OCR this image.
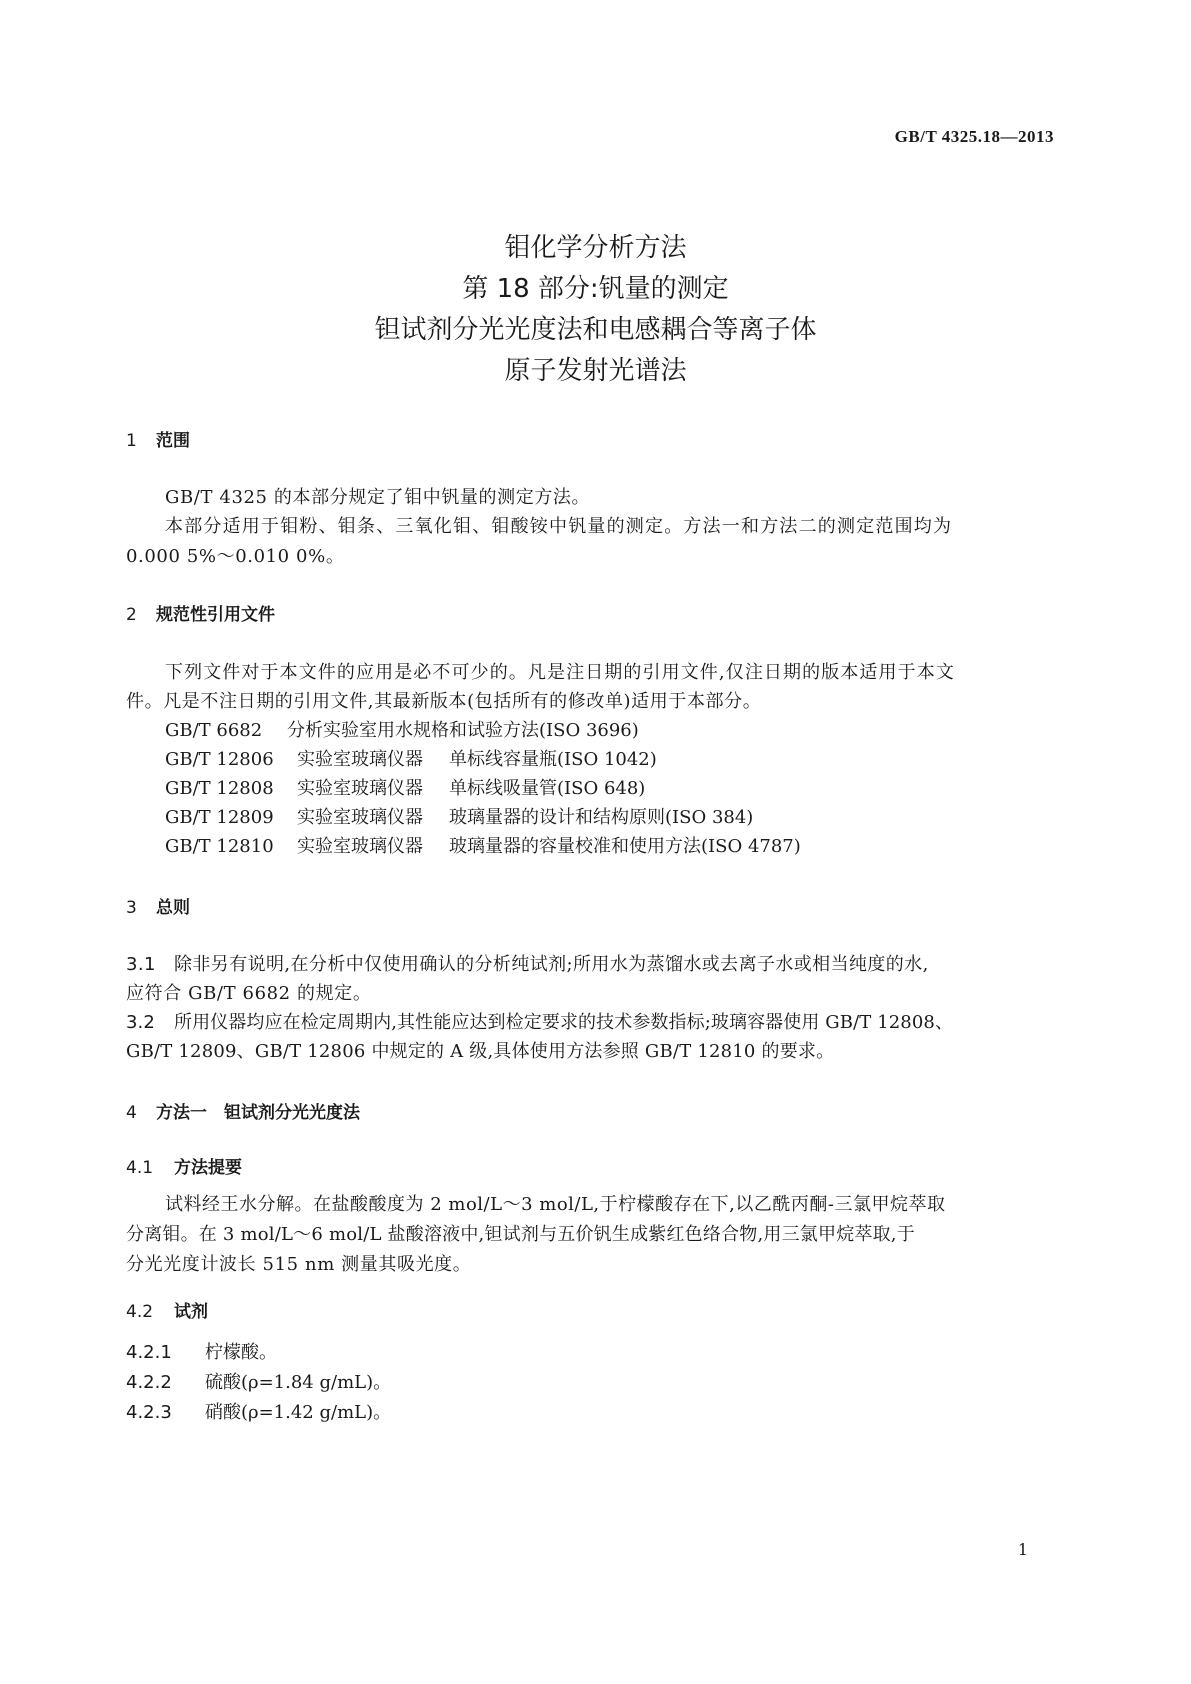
GB/T 4325.18—2013
钼化学分析方法
第 18 部分:钒量的测定
钽试剂分光光度法和电感耦合等离子体
原子发射光谱法
1 范围
GB/T 4325 的本部分规定了钼中钒量的测定方法。
本部分适用于钼粉、钼条、三氧化钼、钼酸铵中钒量的测定。方法一和方法二的测定范围均为
0.000 5%～0.010 0%。
2 规范性引用文件
下列文件对于本文件的应用是必不可少的。凡是注日期的引用文件,仅注日期的版本适用于本文
件。凡是不注日期的引用文件,其最新版本(包括所有的修改单)适用于本部分。
GB/T 6682 分析实验室用水规格和试验方法(ISO 3696)
GB/T 12806 实验室玻璃仪器 单标线容量瓶(ISO 1042)
GB/T 12808 实验室玻璃仪器 单标线吸量管(ISO 648)
GB/T 12809 实验室玻璃仪器 玻璃量器的设计和结构原则(ISO 384)
GB/T 12810 实验室玻璃仪器 玻璃量器的容量校准和使用方法(ISO 4787)
3 总则
3.1 除非另有说明,在分析中仅使用确认的分析纯试剂;所用水为蒸馏水或去离子水或相当纯度的水,
应符合 GB/T 6682 的规定。
3.2 所用仪器均应在检定周期内,其性能应达到检定要求的技术参数指标;玻璃容器使用 GB/T 12808、
GB/T 12809、GB/T 12806 中规定的 A 级,具体使用方法参照 GB/T 12810 的要求。
4 方法一　钽试剂分光光度法
4.1 方法提要
试料经王水分解。在盐酸酸度为 2 mol/L～3 mol/L,于柠檬酸存在下,以乙酰丙酮-三氯甲烷萃取
分离钼。在 3 mol/L～6 mol/L 盐酸溶液中,钽试剂与五价钒生成紫红色络合物,用三氯甲烷萃取,于
分光光度计波长 515 nm 测量其吸光度。
4.2 试剂
4.2.1 柠檬酸。
4.2.2 硫酸(ρ=1.84 g/mL)。
4.2.3 硝酸(ρ=1.42 g/mL)。
1
